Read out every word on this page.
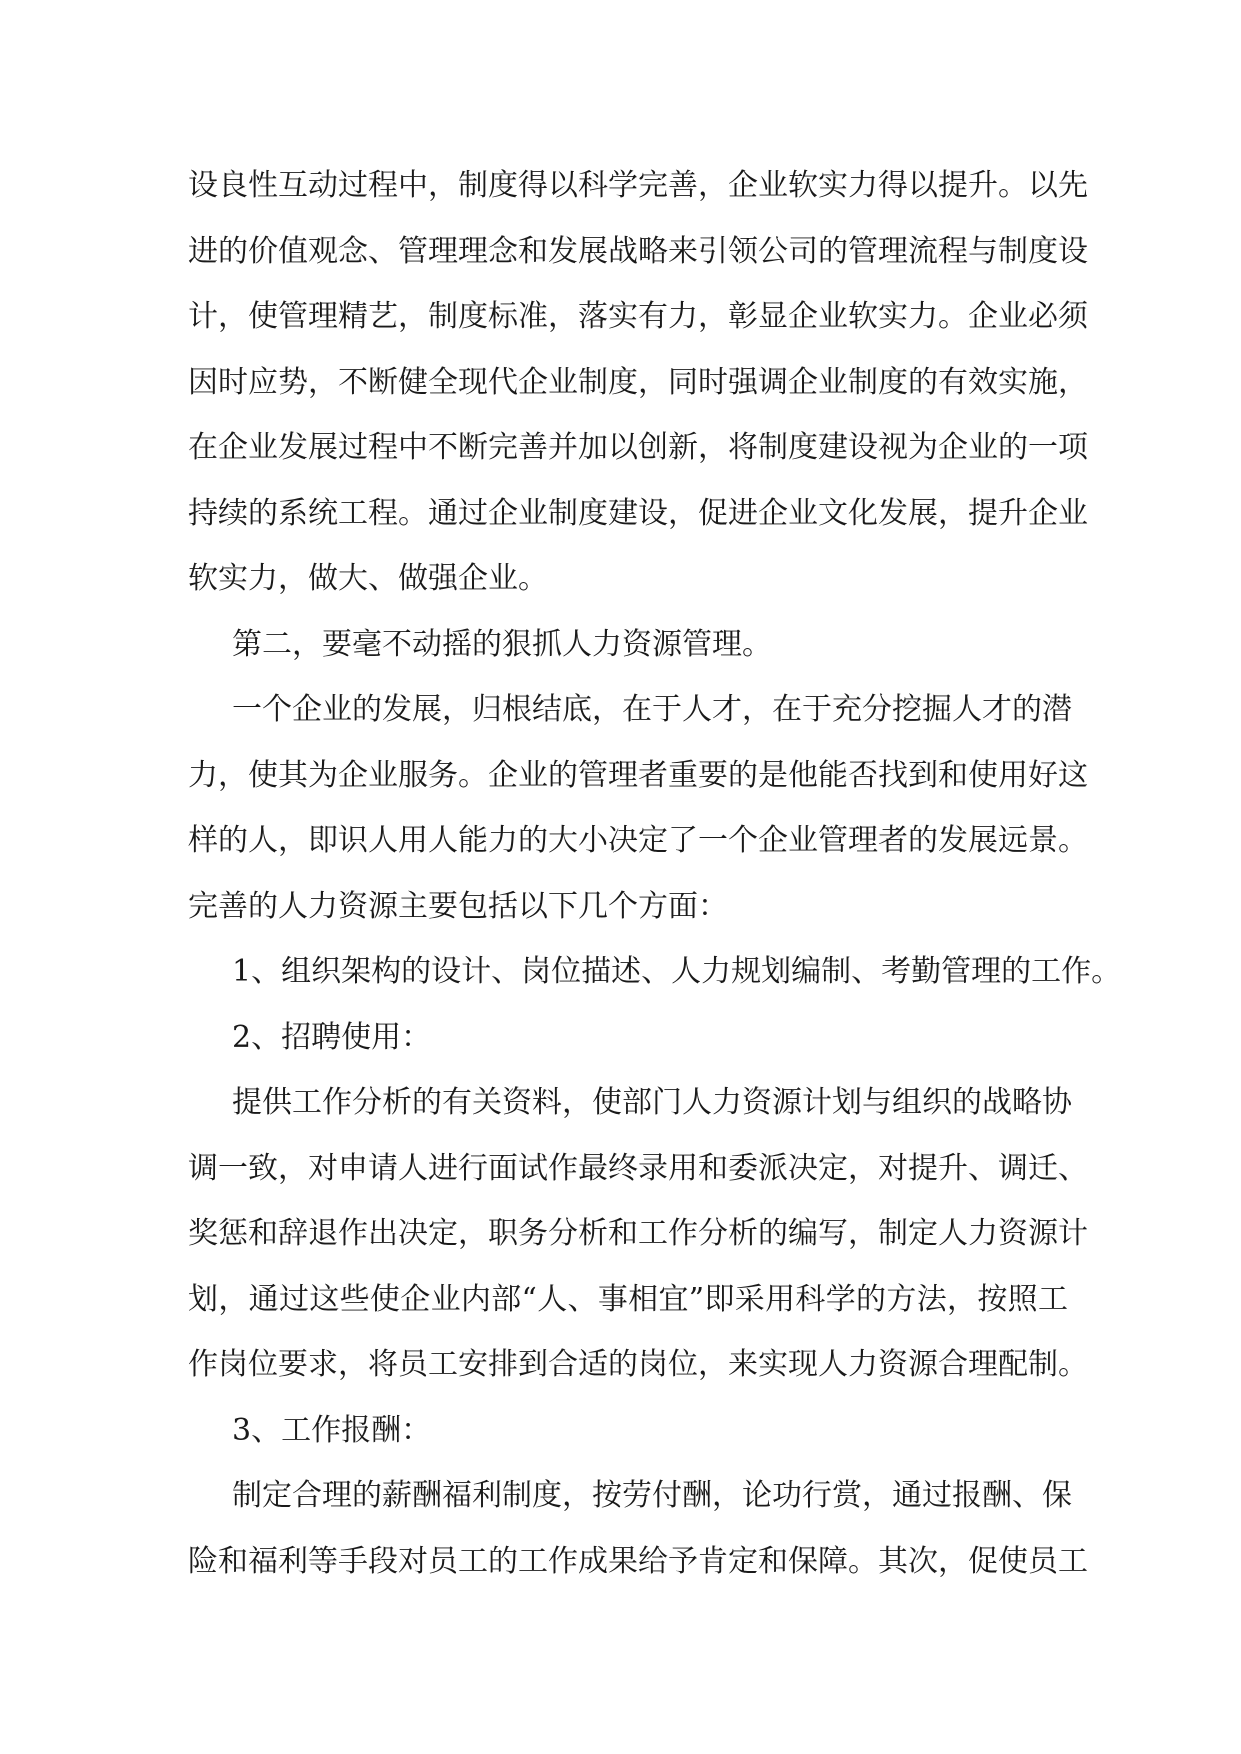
设良性互动过程中，制度得以科学完善，企业软实力得以提升。以先
进的价值观念、管理理念和发展战略来引领公司的管理流程与制度设
计，使管理精艺，制度标准，落实有力，彰显企业软实力。企业必须
因时应势，不断健全现代企业制度，同时强调企业制度的有效实施，
在企业发展过程中不断完善并加以创新，将制度建设视为企业的一项
持续的系统工程。通过企业制度建设，促进企业文化发展，提升企业
软实力，做大、做强企业。
第二，要毫不动摇的狠抓人力资源管理。
一个企业的发展，归根结底，在于人才，在于充分挖掘人才的潜
力，使其为企业服务。企业的管理者重要的是他能否找到和使用好这
样的人，即识人用人能力的大小决定了一个企业管理者的发展远景。
完善的人力资源主要包括以下几个方面：
1、组织架构的设计、岗位描述、人力规划编制、考勤管理的工作。
2、招聘使用：
提供工作分析的有关资料，使部门人力资源计划与组织的战略协
调一致，对申请人进行面试作最终录用和委派决定，对提升、调迁、
奖惩和辞退作出决定，职务分析和工作分析的编写，制定人力资源计
划，通过这些使企业内部“人、事相宜”即采用科学的方法，按照工
作岗位要求，将员工安排到合适的岗位，来实现人力资源合理配制。
3、工作报酬：
制定合理的薪酬福利制度，按劳付酬，论功行赏，通过报酬、保
险和福利等手段对员工的工作成果给予肯定和保障。其次，促使员工
